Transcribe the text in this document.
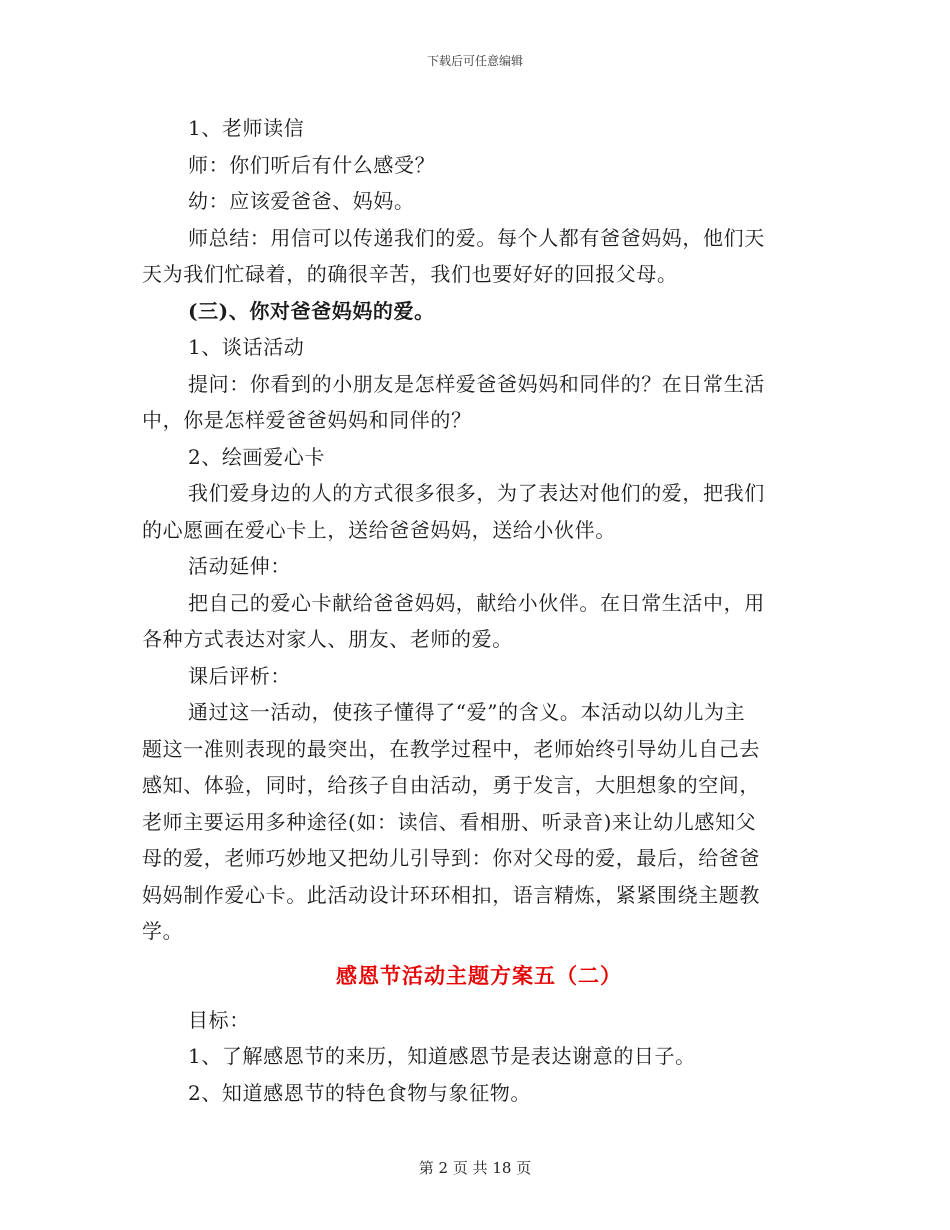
下载后可任意编辑
1、老师读信
师：你们听后有什么感受？
幼：应该爱爸爸、妈妈。
师总结：用信可以传递我们的爱。每个人都有爸爸妈妈，他们天
天为我们忙碌着，的确很辛苦，我们也要好好的回报父母。
(三)、你对爸爸妈妈的爱。
1、谈话活动
提问：你看到的小朋友是怎样爱爸爸妈妈和同伴的？在日常生活
中，你是怎样爱爸爸妈妈和同伴的？
2、绘画爱心卡
我们爱身边的人的方式很多很多，为了表达对他们的爱，把我们
的心愿画在爱心卡上，送给爸爸妈妈，送给小伙伴。
活动延伸：
把自己的爱心卡献给爸爸妈妈，献给小伙伴。在日常生活中，用
各种方式表达对家人、朋友、老师的爱。
课后评析：
通过这一活动，使孩子懂得了“爱”的含义。本活动以幼儿为主
题这一准则表现的最突出，在教学过程中，老师始终引导幼儿自己去
感知、体验，同时，给孩子自由活动，勇于发言，大胆想象的空间，
老师主要运用多种途径(如：读信、看相册、听录音)来让幼儿感知父
母的爱，老师巧妙地又把幼儿引导到：你对父母的爱，最后，给爸爸
妈妈制作爱心卡。此活动设计环环相扣，语言精炼，紧紧围绕主题教
学。
感恩节活动主题方案五（二）
目标：
1、了解感恩节的来历，知道感恩节是表达谢意的日子。
2、知道感恩节的特色食物与象征物。
第 2 页 共 18 页
